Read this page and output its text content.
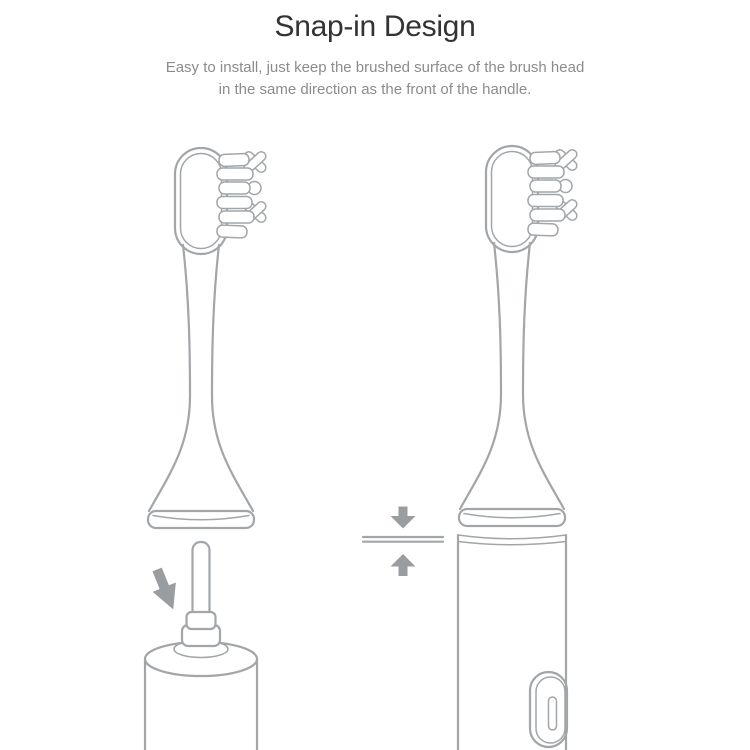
Snap-in Design

Easy to install, just keep the brushed surface of the brush head
in the same direction as the front of the handle.
